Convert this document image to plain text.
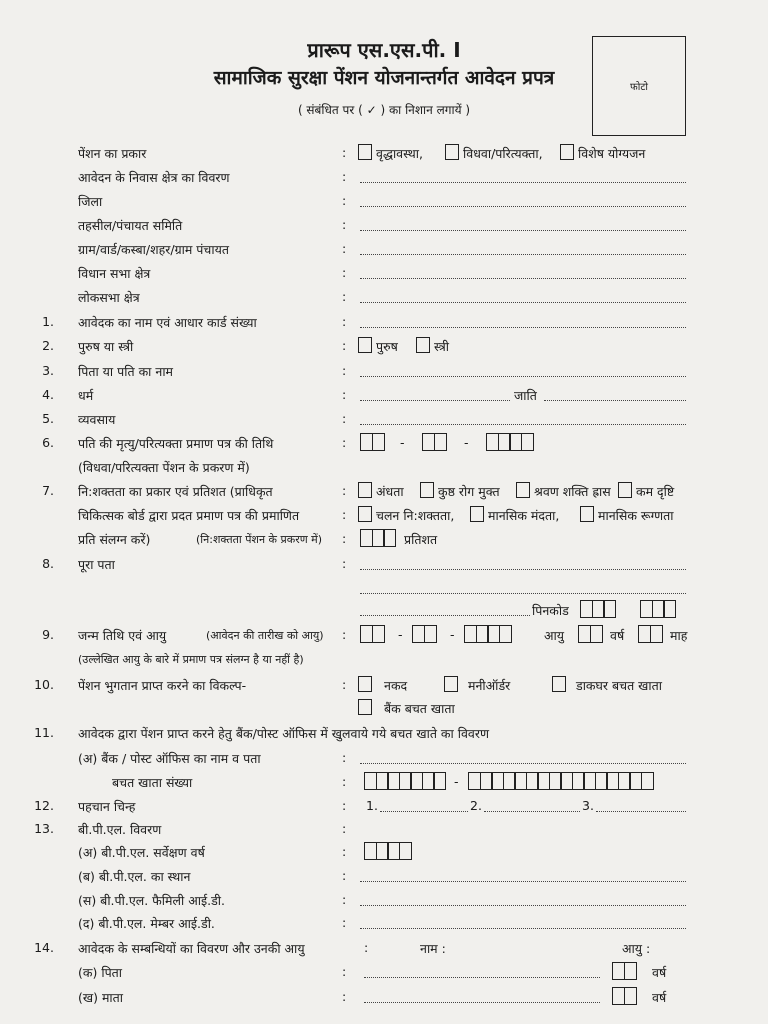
प्रारूप एस.एस.पी. I
सामाजिक सुरक्षा पेंशन योजनान्तर्गत आवेदन प्रपत्र
( संबंधित पर ( ✓ ) का निशान लगायें )
फोटो
पेंशन का प्रकार	: वृद्धावस्था,	विधवा/परित्यक्ता,	विशेष योग्यजन
आवेदन के निवास क्षेत्र का विवरण	:
जिला	:
तहसील/पंचायत समिति	:
ग्राम/वार्ड/कस्बा/शहर/ग्राम पंचायत	:
विधान सभा क्षेत्र	:
लोकसभा क्षेत्र	:
1. आवेदक का नाम एवं आधार कार्ड संख्या	:
2. पुरुष या स्त्री	: पुरुष	स्त्री
3. पिता या पति का नाम	:
4. धर्म	:	जाति
5. व्यवसाय	:
6. पति की मृत्यु/परित्यक्ता प्रमाण पत्र की तिथि	:	-	-
(विधवा/परित्यक्ता पेंशन के प्रकरण में)
7. नि:शक्तता का प्रकार एवं प्रतिशत (प्राधिकृत	: अंधता	कुष्ठ रोग मुक्त	श्रवण शक्ति ह्रास कम दृष्टि
चिकित्सक बोर्ड द्वारा प्रदत प्रमाण पत्र की प्रमाणित	: चलन नि:शक्तता,	मानसिक मंदता,	मानसिक रूग्णता
प्रति संलग्न करें)	(नि:शक्तता पेंशन के प्रकरण में) :	प्रतिशत
8. पूरा पता	:
पिनकोड
9. जन्म तिथि एवं आयु	(आवेदन की तारीख को आयु) :	-	-	आयु	वर्ष	माह
(उल्लेखित आयु के बारे में प्रमाण पत्र संलग्न है या नहीं है)
10. पेंशन भुगतान प्राप्त करने का विकल्प-	:	नकद	मनीऑर्डर	डाकघर बचत खाता
बैंक बचत खाता
11. आवेदक द्वारा पेंशन प्राप्त करने हेतु बैंक/पोस्ट ऑफिस में खुलवाये गये बचत खाते का विवरण
(अ) बैंक / पोस्ट ऑफिस का नाम व पता	:
बचत खाता संख्या	:	-
12. पहचान चिन्ह	: 1.	2.	3.
13. बी.पी.एल. विवरण	:
(अ) बी.पी.एल. सर्वेक्षण वर्ष	:
(ब) बी.पी.एल. का स्थान	:
(स) बी.पी.एल. फैमिली आई.डी.	:
(द) बी.पी.एल. मेम्बर आई.डी.	:
14. आवेदक के सम्बन्धियों का विवरण और उनकी आयु	:	नाम :	आयु :
(क) पिता	:	वर्ष
(ख) माता	:	वर्ष
